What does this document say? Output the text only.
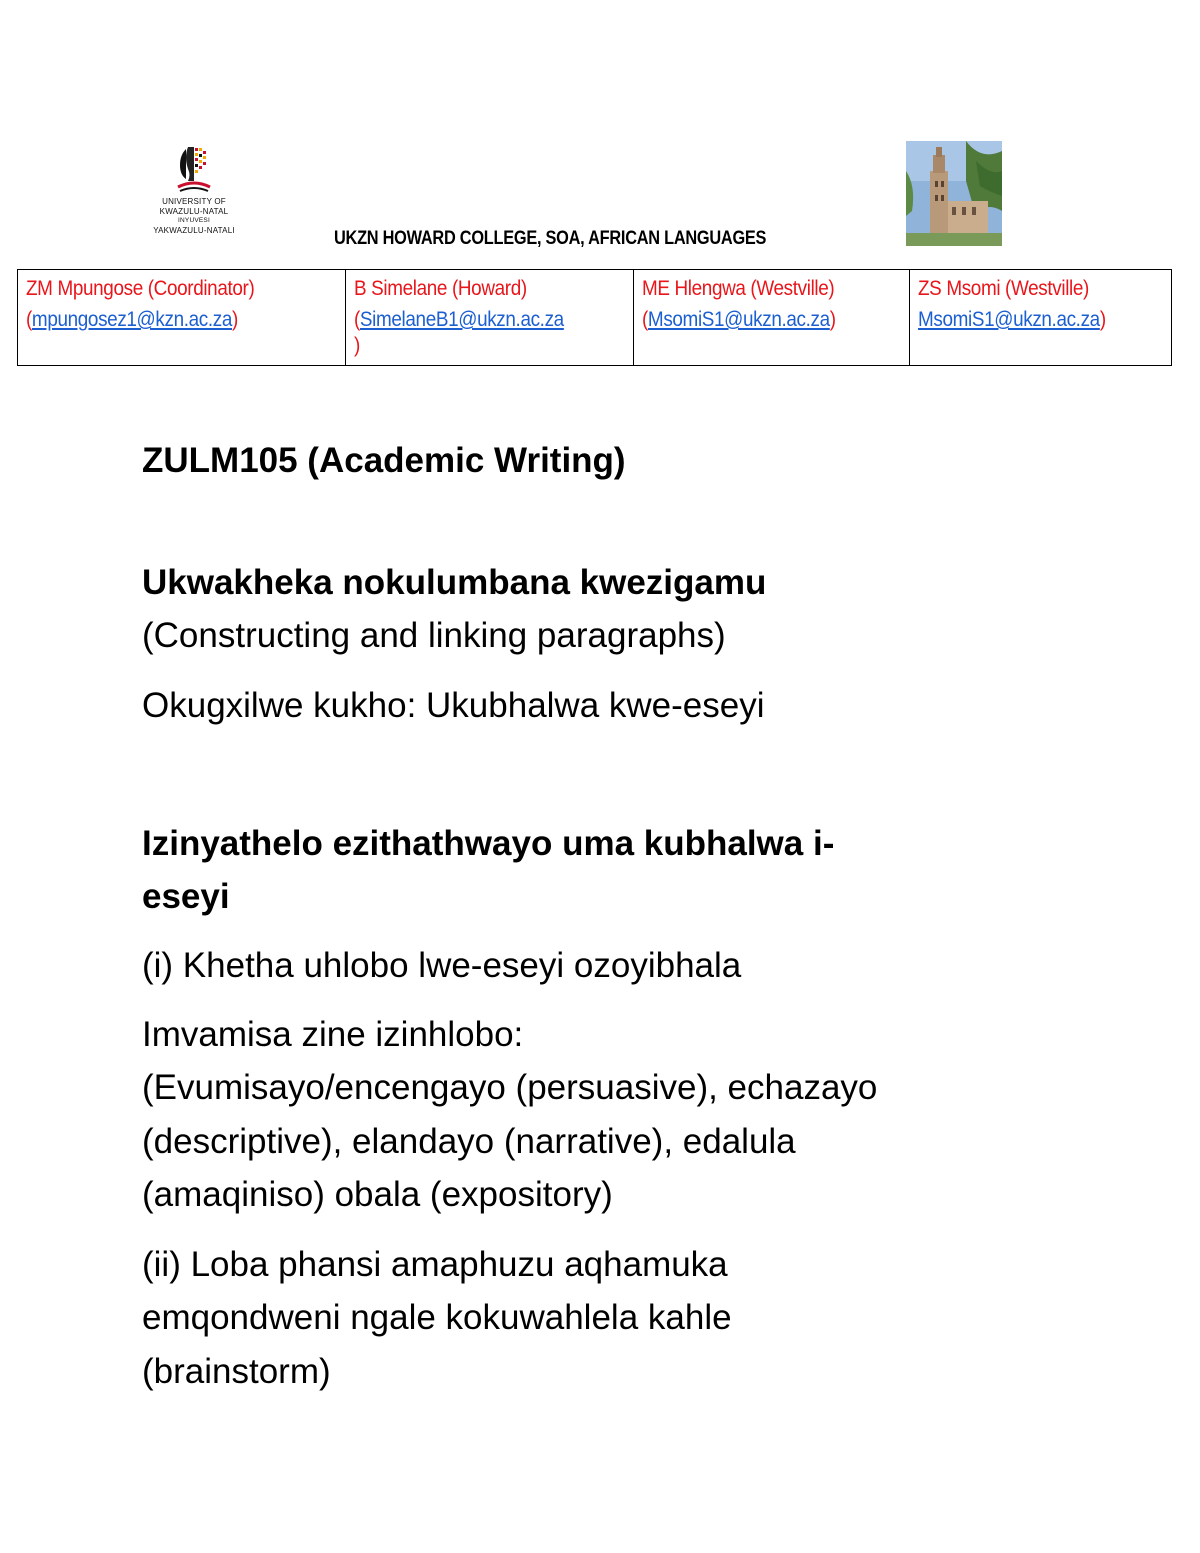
UNIVERSITY OF
KWAZULU-NATAL
INYUVESI
YAKWAZULU-NATALI	UKZN HOWARD COLLEGE, SOA, AFRICAN LANGUAGES
ZM Mpungose (Coordinator)
(mpungosez1@kzn.ac.za)

B Simelane (Howard)
(SimelaneB1@ukzn.ac.za
)

ME Hlengwa (Westville)
(MsomiS1@ukzn.ac.za)

ZS Msomi (Westville)
MsomiS1@ukzn.ac.za)
ZULM105 (Academic Writing)
Ukwakheka nokulumbana kwezigamu
(Constructing and linking paragraphs)
Okugxilwe kukho: Ukubhalwa kwe-eseyi
Izinyathelo ezithathwayo uma kubhalwa i-
eseyi
(i) Khetha uhlobo lwe-eseyi ozoyibhala
Imvamisa zine izinhlobo:
(Evumisayo/encengayo (persuasive), echazayo
(descriptive), elandayo (narrative), edalula
(amaqiniso) obala (expository)
(ii) Loba phansi amaphuzu aqhamuka
emqondweni ngale kokuwahlela kahle
(brainstorm)
